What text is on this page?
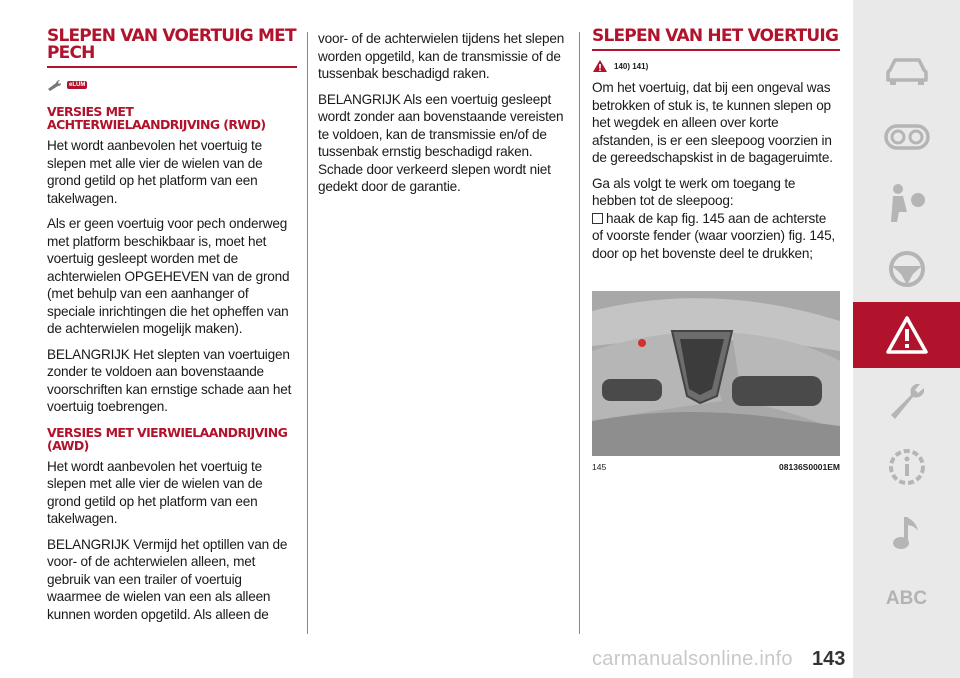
SLEPEN VAN VOERTUIG MET PECH
eLUM
VERSIES MET ACHTERWIELAANDRIJVING (RWD)

Het wordt aanbevolen het voertuig te slepen met alle vier de wielen van de grond getild op het platform van een takelwagen.

Als er geen voertuig voor pech onderweg met platform beschikbaar is, moet het voertuig gesleept worden met de achterwielen OPGEHEVEN van de grond (met behulp van een aanhanger of speciale inrichtingen die het opheffen van de achterwielen mogelijk maken).

BELANGRIJK Het slepten van voertuigen zonder te voldoen aan bovenstaande voorschriften kan ernstige schade aan het voertuig toebrengen.

VERSIES MET VIERWIELAANDRIJVING (AWD)

Het wordt aanbevolen het voertuig te slepen met alle vier de wielen van de grond getild op het platform van een takelwagen.

BELANGRIJK Vermijd het optillen van de voor- of de achterwielen alleen, met gebruik van een trailer of voertuig waarmee de wielen van een als alleen kunnen worden opgetild. Als alleen de

voor- of de achterwielen tijdens het slepen worden opgetild, kan de transmissie of de tussenbak beschadigd raken.

BELANGRIJK Als een voertuig gesleept wordt zonder aan bovenstaande vereisten te voldoen, kan de transmissie en/of de tussenbak ernstig beschadigd raken. Schade door verkeerd slepen wordt niet gedekt door de garantie.

SLEPEN VAN HET VOERTUIG
140) 141)

Om het voertuig, dat bij een ongeval was betrokken of stuk is, te kunnen slepen op het wegdek en alleen over korte afstanden, is er een sleepoog voorzien in de gereedschapskist in de bagageruimte.

Ga als volgt te werk om toegang te hebben tot de sleepoog:

haak de kap fig. 145 aan de achterste of voorste fender (waar voorzien) fig. 145, door op het bovenste deel te drukken;

145	08136S0001EM
ABC
143
carmanualsonline.info
